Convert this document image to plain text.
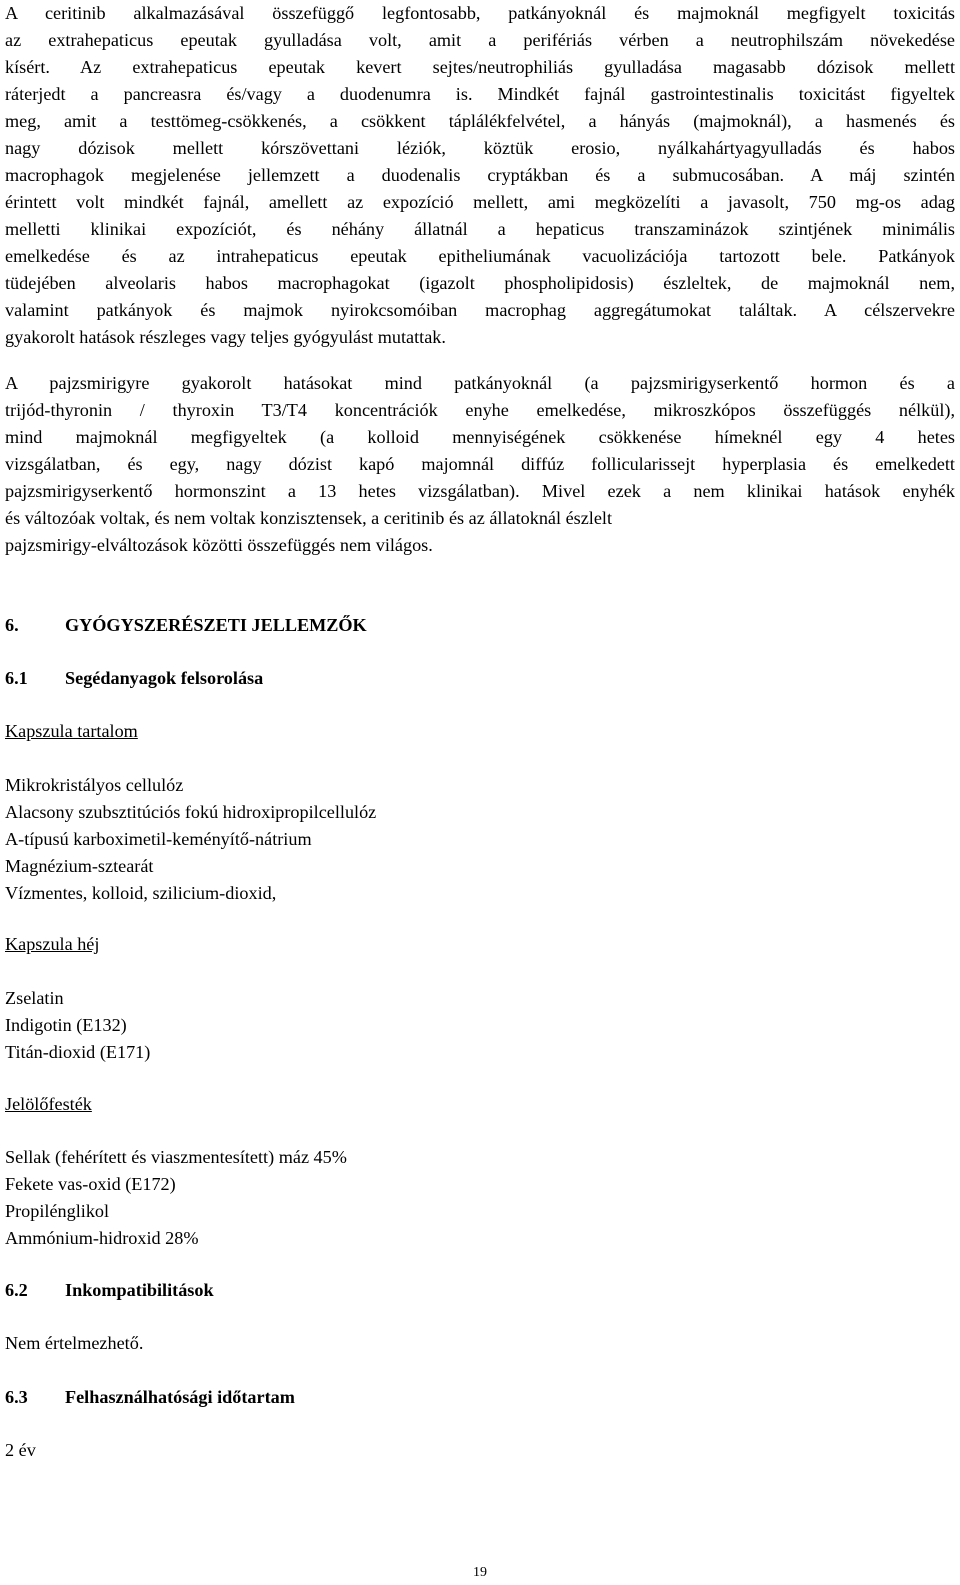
A ceritinib alkalmazásával összefüggő legfontosabb, patkányoknál és majmoknál megfigyelt toxicitás
az extrahepaticus epeutak gyulladása volt, amit a perifériás vérben a neutrophilszám növekedése
kísért. Az extrahepaticus epeutak kevert sejtes/neutrophiliás gyulladása magasabb dózisok mellett
ráterjedt a pancreasra és/vagy a duodenumra is. Mindkét fajnál gastrointestinalis toxicitást figyeltek
meg, amit a testtömeg-csökkenés, a csökkent táplálékfelvétel, a hányás (majmoknál), a hasmenés és
nagy dózisok mellett kórszövettani léziók, köztük erosio, nyálkahártyagyulladás és habos
macrophagok megjelenése jellemzett a duodenalis cryptákban és a submucosában. A máj szintén
érintett volt mindkét fajnál, amellett az expozíció mellett, ami megközelíti a javasolt, 750 mg-os adag
melletti klinikai expozíciót, és néhány állatnál a hepaticus transzaminázok szintjének minimális
emelkedése és az intrahepaticus epeutak epitheliumának vacuolizációja tartozott bele. Patkányok
tüdejében alveolaris habos macrophagokat (igazolt phospholipidosis) észleltek, de majmoknál nem,
valamint patkányok és majmok nyirokcsomóiban macrophag aggregátumokat találtak. A célszervekre
gyakorolt hatások részleges vagy teljes gyógyulást mutattak.
A pajzsmirigyre gyakorolt hatásokat mind patkányoknál (a pajzsmirigyserkentő hormon és a
trijód-thyronin / thyroxin T3/T4 koncentrációk enyhe emelkedése, mikroszkópos összefüggés nélkül),
mind majmoknál megfigyeltek (a kolloid mennyiségének csökkenése hímeknél egy 4 hetes
vizsgálatban, és egy, nagy dózist kapó majomnál diffúz follicularissejt hyperplasia és emelkedett
pajzsmirigyserkentő hormonszint a 13 hetes vizsgálatban). Mivel ezek a nem klinikai hatások enyhék
és változóak voltak, és nem voltak konzisztensek, a ceritinib és az állatoknál észlelt
pajzsmirigy-elváltozások közötti összefüggés nem világos.
6.	GYÓGYSZERÉSZETI JELLEMZŐK
6.1 Segédanyagok felsorolása
Kapszula tartalom
Mikrokristályos cellulóz
Alacsony szubsztitúciós fokú hidroxipropilcellulóz
A-típusú karboximetil-keményítő-nátrium
Magnézium-sztearát
Vízmentes, kolloid, szilicium-dioxid,
Kapszula héj
Zselatin
Indigotin (E132)
Titán-dioxid (E171)
Jelölőfesték
Sellak (fehérített és viaszmentesített) máz 45%
Fekete vas-oxid (E172)
Propilénglikol
Ammónium-hidroxid 28%
6.2 Inkompatibilitások
Nem értelmezhető.
6.3 Felhasználhatósági időtartam
2 év
19
